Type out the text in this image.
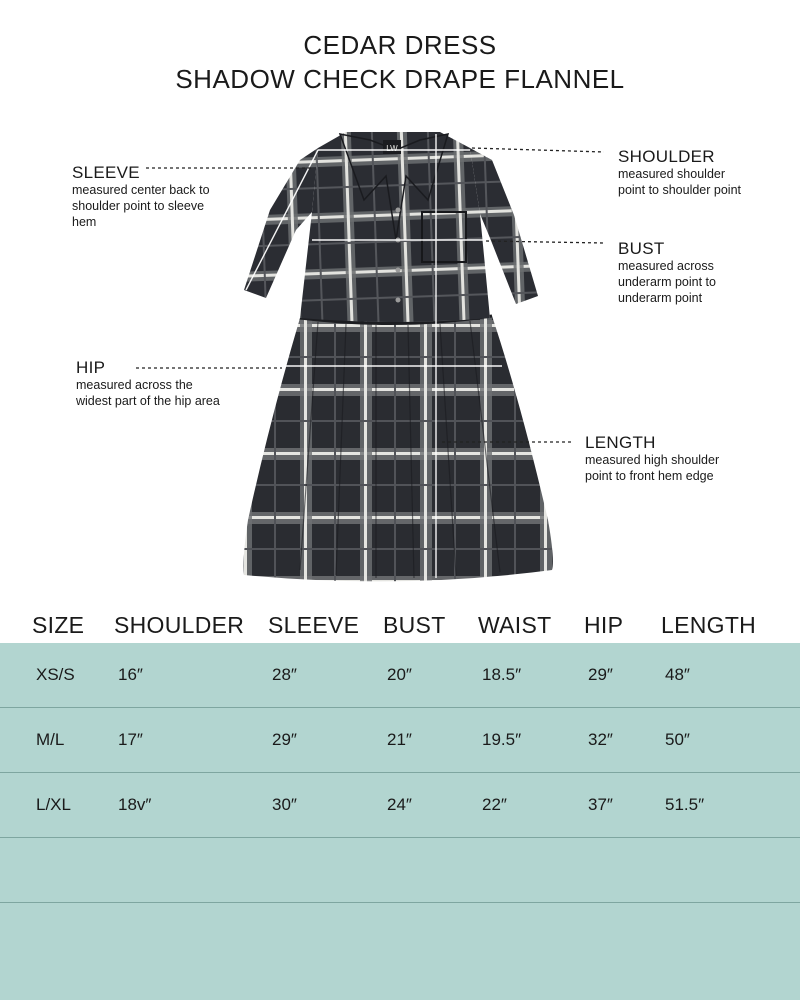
CEDAR DRESS
SHADOW CHECK DRAPE FLANNEL
LW
SLEEVE
measured center back to
shoulder point to sleeve
hem
SHOULDER
measured shoulder
point to shoulder point
BUST
measured across
underarm point to
underarm point
HIP
measured across the
widest part of the hip area
LENGTH
measured high shoulder
point to front hem edge
SIZE SHOULDER SLEEVE BUST WAIST HIP LENGTH
XS/S	16″	28″	20″	18.5″	29″	48″
M/L	17″	29″	21″	19.5″	32″	50″
L/XL	18v″	30″	24″	22″	37″	51.5″
